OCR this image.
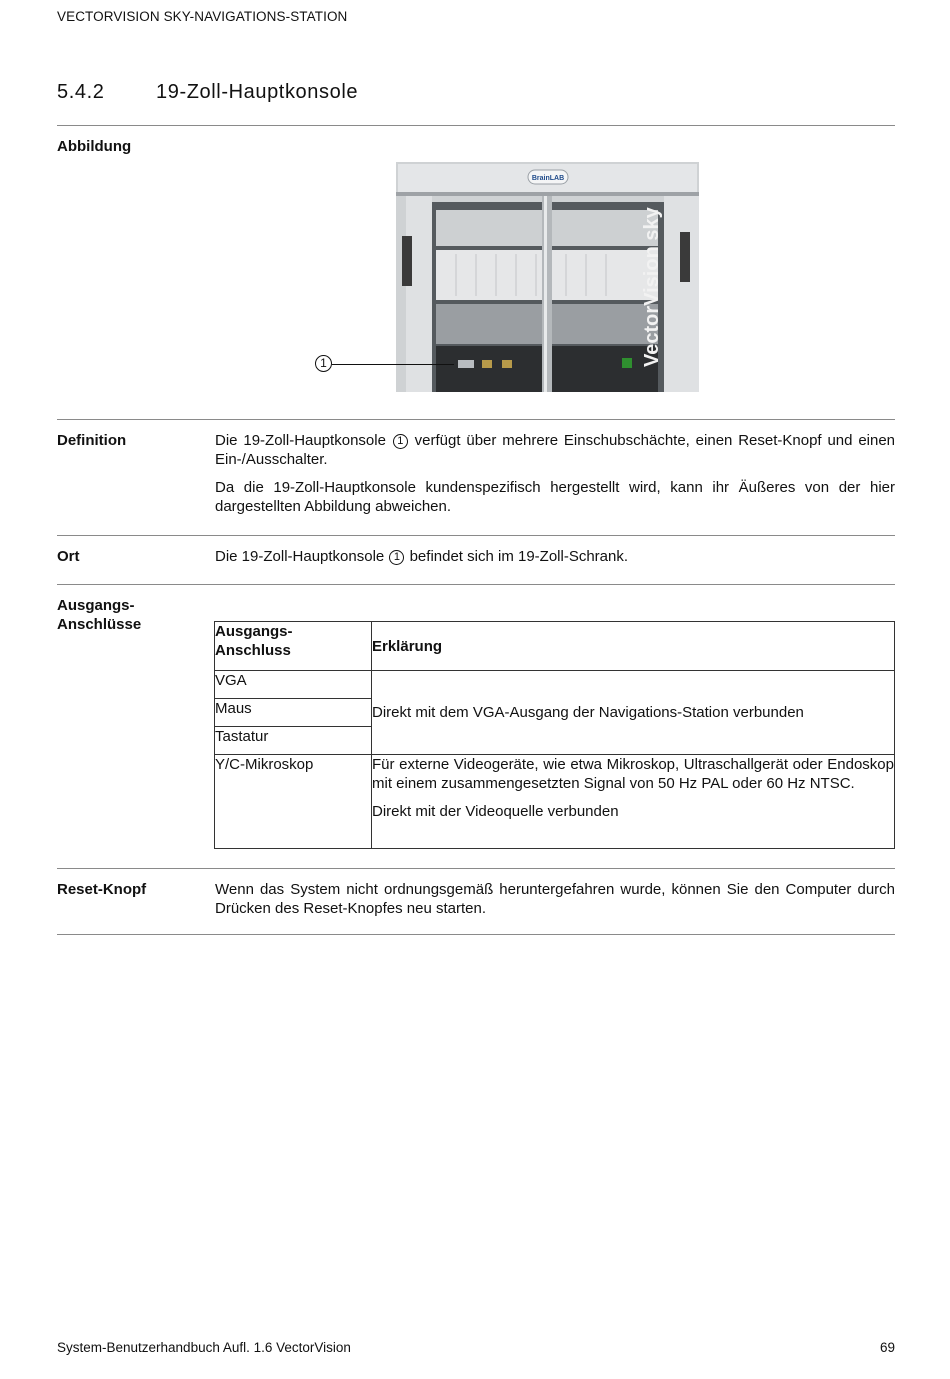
VECTORVISION SKY-NAVIGATIONS-STATION
5.4.2	19-Zoll-Hauptkonsole
Abbildung
BrainLAB
VectorVision sky
1
Definition	Die 19-Zoll-Hauptkonsole 1 verfügt über mehrere Einschubschächte, einen Reset-Knopf und einen Ein-/Ausschalter.

Da die 19-Zoll-Hauptkonsole kundenspezifisch hergestellt wird, kann ihr Äußeres von der hier dargestellten Abbildung abweichen.

Ort	Die 19-Zoll-Hauptkonsole 1 befindet sich im 19-Zoll-Schrank.
Ausgangs-
Anschlüsse	Ausgangs-
Anschluss	Erklärung
VGA	Direkt mit dem VGA-Ausgang der Navigations-Station verbunden
Maus	
Tastatur	
Y/C-Mikroskop	Für externe Videogeräte, wie etwa Mikroskop, Ultraschallgerät oder Endoskop mit einem zusammengesetzten Signal von 50 Hz PAL oder 60 Hz NTSC.
Direkt mit der Videoquelle verbunden
Reset-Knopf	Wenn das System nicht ordnungsgemäß heruntergefahren wurde, können Sie den Computer durch Drücken des Reset-Knopfes neu starten.
System-Benutzerhandbuch Aufl. 1.6 VectorVision	69
